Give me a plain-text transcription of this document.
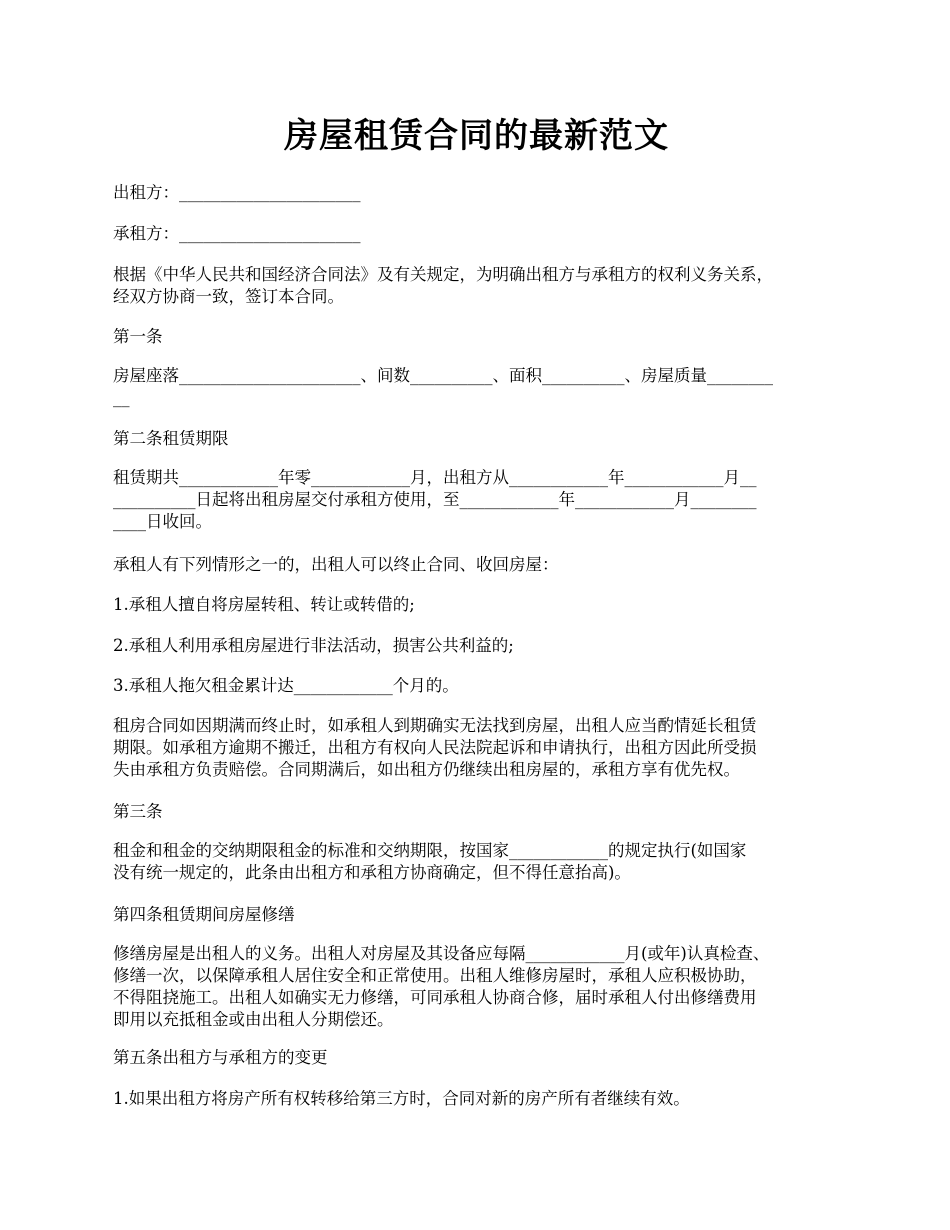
房屋租赁合同的最新范文
出租方：______________________
承租方：______________________
根据《中华人民共和国经济合同法》及有关规定，为明确出租方与承租方的权利义务关系，
经双方协商一致，签订本合同。
第一条
房屋座落______________________、间数__________、面积__________、房屋质量________
__
第二条租赁期限
租赁期共____________年零____________月，出租方从____________年____________月__
__________日起将出租房屋交付承租方使用，至____________年____________月________
____日收回。
承租人有下列情形之一的，出租人可以终止合同、收回房屋：
1.承租人擅自将房屋转租、转让或转借的;
2.承租人利用承租房屋进行非法活动，损害公共利益的;
3.承租人拖欠租金累计达____________个月的。
租房合同如因期满而终止时，如承租人到期确实无法找到房屋，出租人应当酌情延长租赁
期限。如承租方逾期不搬迁，出租方有权向人民法院起诉和申请执行，出租方因此所受损
失由承租方负责赔偿。合同期满后，如出租方仍继续出租房屋的，承租方享有优先权。
第三条
租金和租金的交纳期限租金的标准和交纳期限，按国家____________的规定执行(如国家
没有统一规定的，此条由出租方和承租方协商确定，但不得任意抬高)。
第四条租赁期间房屋修缮
修缮房屋是出租人的义务。出租人对房屋及其设备应每隔____________月(或年)认真检查、
修缮一次，以保障承租人居住安全和正常使用。出租人维修房屋时，承租人应积极协助，
不得阻挠施工。出租人如确实无力修缮，可同承租人协商合修，届时承租人付出修缮费用
即用以充抵租金或由出租人分期偿还。
第五条出租方与承租方的变更
1.如果出租方将房产所有权转移给第三方时，合同对新的房产所有者继续有效。
